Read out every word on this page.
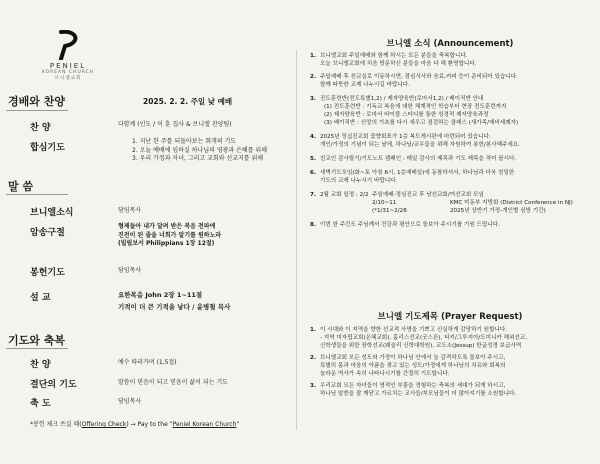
PENIEL
KOREAN CHURCH
브니엘교회
경배와 찬양	2025. 2. 2. 주일 낮 예배
찬 양	다함께 (인도 / 이 훈 집사 & 브니엘 찬양팀)
합심기도
1. 지난 한 주를 되돌아보는 회개의 기도
2. 오늘 예배에 임하실 하나님의 영광과 은혜를 위해
3. 우리 가정과 자녀, 그리고 교회와 선교지를 위해
말 씀
브니엘소식	담임목사
암송구절
형제들아 내가 달려 받은 복음 전파에
진전이 된 줄을 너희가 알기를 원하노라
(빌립보서 Philippians 1장 12절)
봉헌기도	담임목사
설 교	요한복음 John 2장 1~11절
기적이 더 큰 기적을 낳다 / 윤병철 목사
기도와 축복
찬 양	예수 따라가며 (1,5절)
결단의 기도	말씀이 믿음이 되고 믿음이 삶이 되는 기도
축 도	담임목사
*봉헌 체크 쓰실 때(Offering Check) → Pay to the “Peniel Korean Church”
브니엘 소식 (Announcement)
1. 브니엘교회 주일예배와 함께 하시는 모든 분들을 축복합니다.
오늘 브니엘교회에 처음 방문하신 분들을 마음 다 해 환영합니다.
2. 주일예배 후 친교실로 이동하시면, 점심식사와 음료,커피 등이 준비되어 있습니다.
함께 따뜻한 교제 나누시길 바랍니다.
3. 진도훈련반(전도특별1,2) / 제자양육반(로마서1,2) / 베이직반 안내
(1) 전도훈련반 : 기독교 복음에 대한 체계적인 학습부터 현장 전도훈련까지
(2) 제자양육반 : 로마서 바이블 스터디를 통한 성경적 제자양육과정
(3) 베이직반 : 신앙의 기초를 다시 세우고 점검하는 클래스 (새가족/예비세례자)
4. 2025년 정십진교회 꽃향회표가 1층 복도게시판에 마련되어 있습니다.
개인/가정의 기념이 되는 날에, 하나님/교우들을 위해 자원하여 봉헌/봉사해주세요.
5. 친교인 감사릴기/기도노트 캠페인 : 매일 감사의 제목과 기도 제목을 적어 봅시다.
6. 새벽기도모임(화~토 아침 6시, 1층예배실)에 동참하셔서, 하나님과 더욱 친밀한
기도의 교제 나누시기 바랍니다.
7. 2월 교회 일정 : 2/2 주일예배-정심진교 후 남선교회/여선교회 모임
2/10~11	KMC 미동부 지방회 (District Conference in NJ)
(*1/31~2/28	2025년 상반기 가정-개인별 심방 기간)
8. 이번 한 주간도 주님께서 건강과 평안으로 돌보아 주시기를 기원 드립니다.
브니엘 기도제목 (Prayer Request)
1. 이 시대와 이 지역을 향한 선교적 사명을 기쁘고 신실하게 감당하기 원합니다.
- 지역 미자립교회(은혜교회), 홈리스선교(굿스픈), 티키/그루지아/도미니카 해외선교,
신학생들을 위한 장학선교(웨슬리 신학대학원), 교도소(Jessup) 한글성경 보급사역
2. 브니엘교회 모든 성도와 가정이 하나님 안에서 늘 감격하도록 돌보아 주시고,
특별히 몸과 마음의 아픔을 겪고 있는 성도/가정에게 하나님의 치유와 회복의
놀라운 역사가 속히 나타나시기를 간절히 기도합니다.
3. 우리교회 모든 자녀들이 영적인 부흥을 경험하는 축복의 세대가 되게 하시고,
하나님 말씀을 잘 깨닫고 가르치는 교사들/부모님들이 더 많아지기를 소원합니다.
